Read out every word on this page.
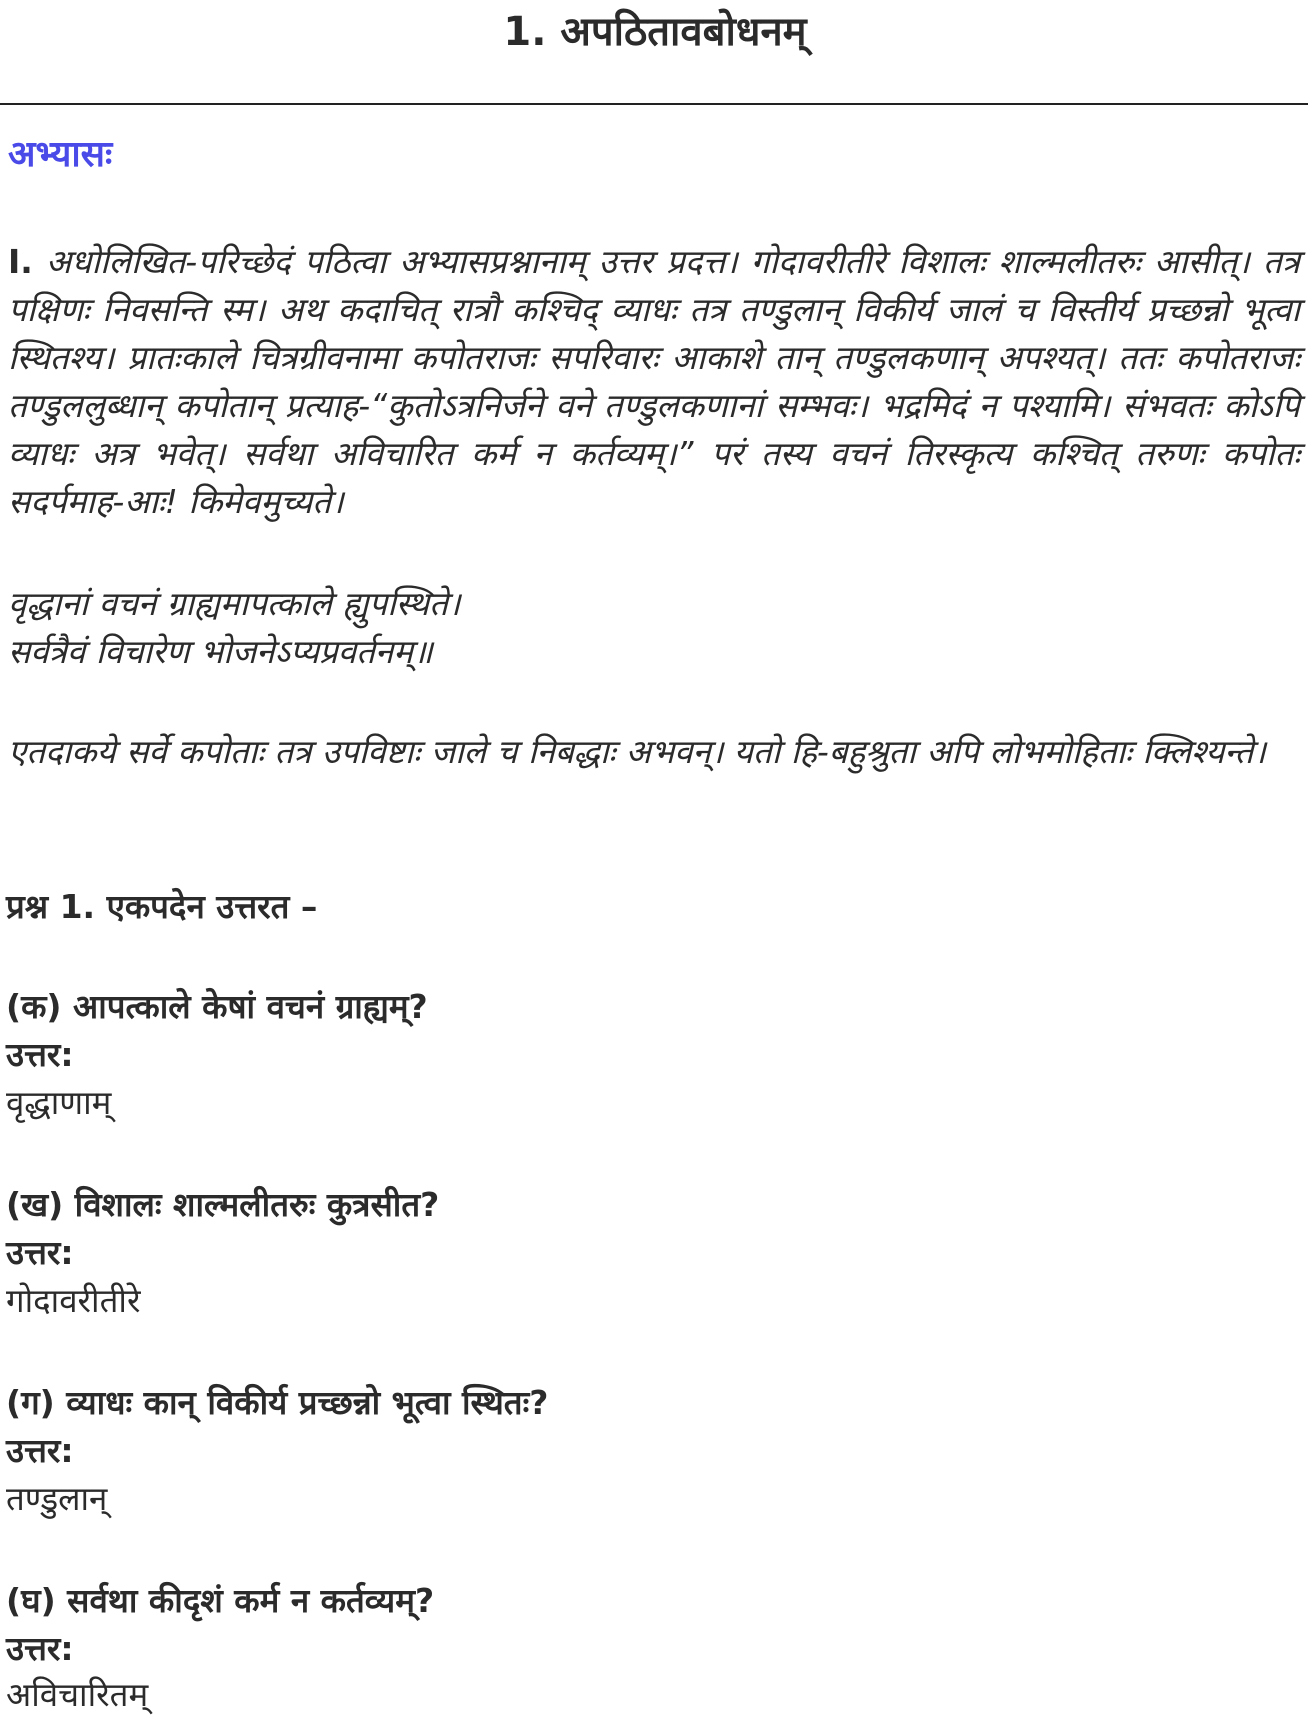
1. अपठितावबोधनम्
अभ्यासः
I. अधोलिखित-परिच्छेदं पठित्वा अभ्यासप्रश्नानाम् उत्तर प्रदत्त। गोदावरीतीरे विशालः शाल्मलीतरुः आसीत्। तत्र पक्षिणः निवसन्ति स्म। अथ कदाचित् रात्रौ कश्चिद् व्याधः तत्र तण्डुलान् विकीर्य जालं च विस्तीर्य प्रच्छन्नो भूत्वा स्थितश्य। प्रातःकाले चित्रग्रीवनामा कपोतराजः सपरिवारः आकाशे तान् तण्डुलकणान् अपश्यत्। ततः कपोतराजः तण्डुललुब्धान् कपोतान् प्रत्याह-“कुतोऽत्रनिर्जने वने तण्डुलकणानां सम्भवः। भद्रमिदं न पश्यामि। संभवतः कोऽपि व्याधः अत्र भवेत्। सर्वथा अविचारित कर्म न कर्तव्यम्।” परं तस्य वचनं तिरस्कृत्य कश्चित् तरुणः कपोतः सदर्पमाह-आः! किमेवमुच्यते।
वृद्धानां वचनं ग्राह्यमापत्काले ह्युपस्थिते।
सर्वत्रैवं विचारेण भोजनेऽप्यप्रवर्तनम्॥
एतदाकये सर्वे कपोताः तत्र उपविष्टाः जाले च निबद्धाः अभवन्। यतो हि-बहुश्रुता अपि लोभमोहिताः क्लिश्यन्ते।
प्रश्न 1. एकपदेन उत्तरत –
(क) आपत्काले केषां वचनं ग्राह्यम्?
उत्तर:
वृद्धाणाम्
(ख) विशालः शाल्मलीतरुः कुत्रसीत?
उत्तर:
गोदावरीतीरे
(ग) व्याधः कान् विकीर्य प्रच्छन्नो भूत्वा स्थितः?
उत्तर:
तण्डुलान्
(घ) सर्वथा कीदृशं कर्म न कर्तव्यम्?
उत्तर:
अविचारितम्
